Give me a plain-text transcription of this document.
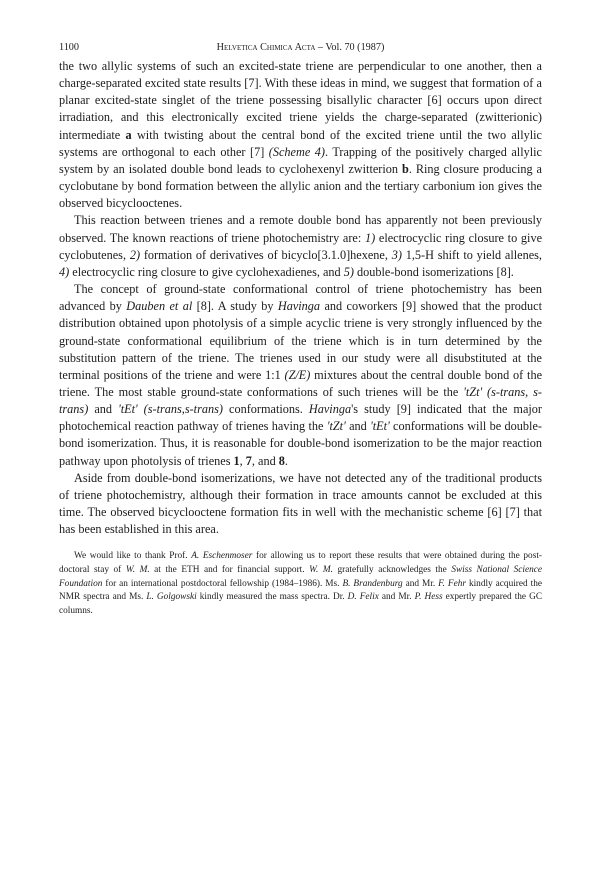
1100	Helvetica Chimica Acta – Vol. 70 (1987)

the two allylic systems of such an excited-state triene are perpendicular to one another, then a charge-separated excited state results [7]. With these ideas in mind, we suggest that formation of a planar excited-state singlet of the triene possessing bisallylic character [6] occurs upon direct irradiation, and this electronically excited triene yields the charge-separated (zwitterionic) intermediate a with twisting about the central bond of the excited triene until the two allylic systems are orthogonal to each other [7] (Scheme 4). Trapping of the positively charged allylic system by an isolated double bond leads to cyclohexenyl zwitterion b. Ring closure producing a cyclobutane by bond formation between the allylic anion and the tertiary carbonium ion gives the observed bicyclooctenes.

This reaction between trienes and a remote double bond has apparently not been previously observed. The known reactions of triene photochemistry are: 1) electrocyclic ring closure to give cyclobutenes, 2) formation of derivatives of bicyclo[3.1.0]hexene, 3) 1,5-H shift to yield allenes, 4) electrocyclic ring closure to give cyclohexadienes, and 5) double-bond isomerizations [8].

The concept of ground-state conformational control of triene photochemistry has been advanced by Dauben et al [8]. A study by Havinga and coworkers [9] showed that the product distribution obtained upon photolysis of a simple acyclic triene is very strongly influenced by the ground-state conformational equilibrium of the triene which is in turn determined by the substitution pattern of the triene. The trienes used in our study were all disubstituted at the terminal positions of the triene and were 1:1 (Z/E) mixtures about the central double bond of the triene. The most stable ground-state conformations of such trienes will be the 'tZt' (s-trans, s-trans) and 'tEt' (s-trans,s-trans) conformations. Havinga's study [9] indicated that the major photochemical reaction pathway of trienes having the 'tZt' and 'tEt' conformations will be double-bond isomerization. Thus, it is reasonable for double-bond isomerization to be the major reaction pathway upon photolysis of trienes 1, 7, and 8.

Aside from double-bond isomerizations, we have not detected any of the traditional products of triene photochemistry, although their formation in trace amounts cannot be excluded at this time. The observed bicyclooctene formation fits in well with the mechanistic scheme [6] [7] that has been established in this area.

We would like to thank Prof. A. Eschenmoser for allowing us to report these results that were obtained during the post-doctoral stay of W. M. at the ETH and for financial support. W. M. gratefully acknowledges the Swiss National Science Foundation for an international postdoctoral fellowship (1984–1986). Ms. B. Brandenburg and Mr. F. Fehr kindly acquired the NMR spectra and Ms. L. Golgowski kindly measured the mass spectra. Dr. D. Felix and Mr. P. Hess expertly prepared the GC columns.
